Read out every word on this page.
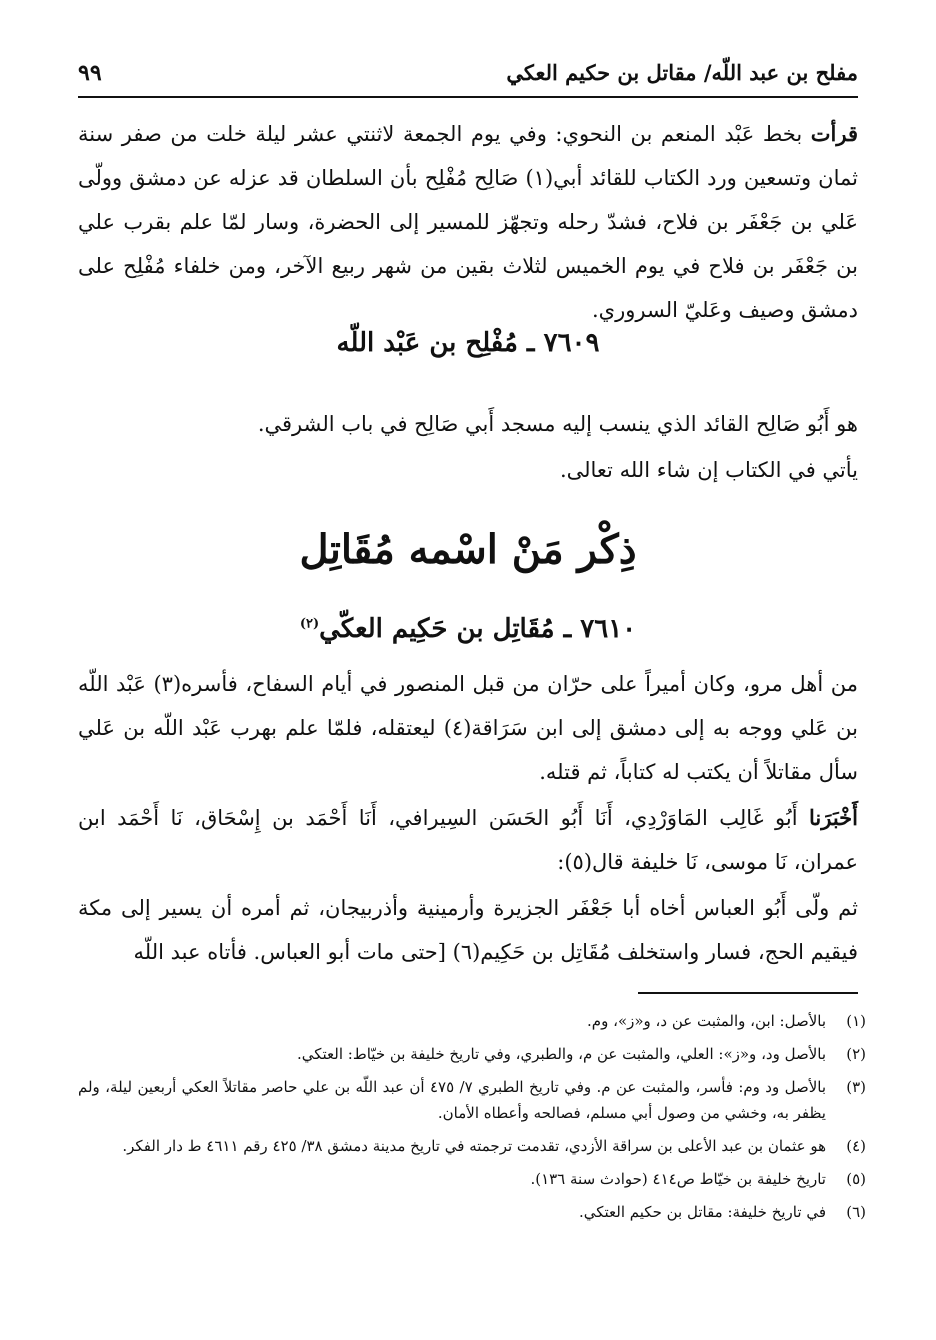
مفلح بن عبد اللّه/ مقاتل بن حكيم العكي
٩٩

قرأت بخط عَبْد المنعم بن النحوي: وفي يوم الجمعة لاثنتي عشر ليلة خلت من صفر سنة ثمان وتسعين ورد الكتاب للقائد أبي(١) صَالِح مُفْلِح بأن السلطان قد عزله عن دمشق وولّى عَلي بن جَعْفَر بن فلاح، فشدّ رحله وتجهّز للمسير إلى الحضرة، وسار لمّا علم بقرب علي بن جَعْفَر بن فلاح في يوم الخميس لثلاث بقين من شهر ربيع الآخر، ومن خلفاء مُفْلِح على دمشق وصيف وعَليّ السروري.

٧٦٠٩ ـ مُفْلِح بن عَبْد اللّه

هو أَبُو صَالِح القائد الذي ينسب إليه مسجد أَبي صَالِح في باب الشرقي.

يأتي في الكتاب إن شاء الله تعالى.

ذِكْر مَنْ اسْمه مُقَاتِل
٧٦١٠ ـ مُقَاتِل بن حَكِيم العكّي$^{(٢)}$

من أهل مرو، وكان أميراً على حرّان من قبل المنصور في أيام السفاح، فأسره(٣) عَبْد اللّه بن عَلي ووجه به إلى دمشق إلى ابن سَرَاقة(٤) ليعتقله، فلمّا علم بهرب عَبْد اللّه بن عَلي سأل مقاتلاً أن يكتب له كتاباً، ثم قتله.

أَخْبَرَنا أَبُو غَالِب المَاوَرْدِي، أَنَا أَبُو الحَسَن السِيرافي، أَنَا أَحْمَد بن إِسْحَاق، نَا أَحْمَد ابن عمران، نَا موسى، نَا خليفة قال(٥):

ثم ولّى أَبُو العباس أخاه أبا جَعْفَر الجزيرة وأرمينية وأذربيجان، ثم أمره أن يسير إلى مكة فيقيم الحج، فسار واستخلف مُقَاتِل بن حَكِيم(٦) [حتى مات أبو العباس. فأتاه عبد اللّه

(١)
بالأصل: ابن، والمثبت عن د، و«ز»، وم.
(٢)
بالأصل ود، و«ز»: العلي، والمثبت عن م، والطبري، وفي تاريخ خليفة بن خيّاط: العتكي.
(٣)
بالأصل ود وم: فأسر، والمثبت عن م. وفي تاريخ الطبري ٧/ ٤٧٥ أن عبد اللّه بن علي حاصر مقاتلاً العكي أربعين ليلة، ولم يظفر به، وخشي من وصول أبي مسلم، فصالحه وأعطاه الأمان.
(٤)
هو عثمان بن عبد الأعلى بن سراقة الأزدي، تقدمت ترجمته في تاريخ مدينة دمشق ٣٨/ ٤٢٥ رقم ٤٦١١ ط دار الفكر.
(٥)
تاريخ خليفة بن خيّاط ص٤١٤ (حوادث سنة ١٣٦).
(٦)
في تاريخ خليفة: مقاتل بن حكيم العتكي.
